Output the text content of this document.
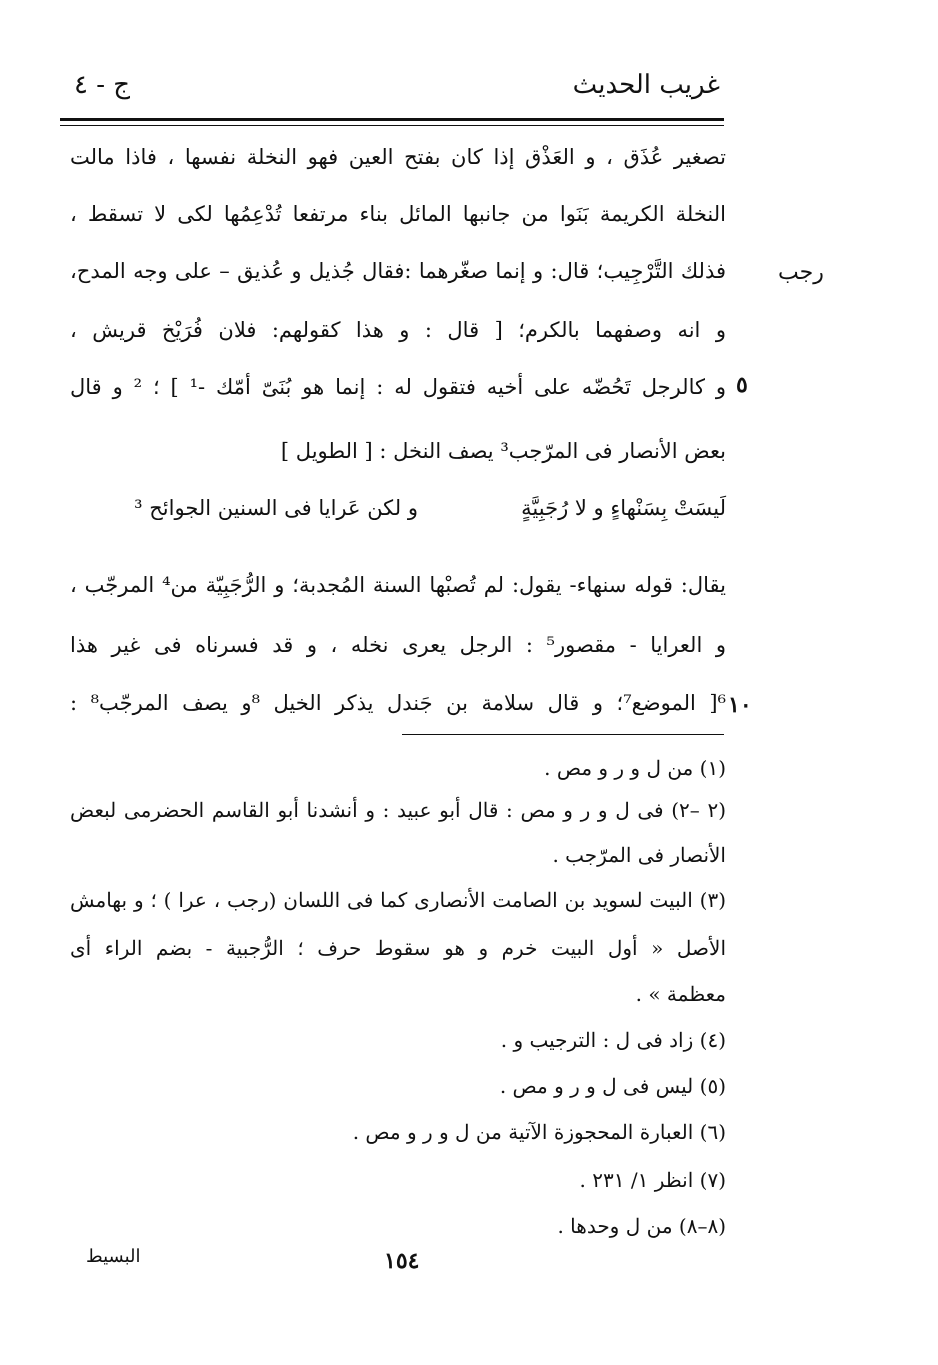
غريب الحديث
ج - ٤
رجب
٥
١٠
تصغير عُذَق ، و العَذْق إذا كان بفتح العين فهو النخلة نفسها ، فاذا مالت
النخلة الكريمة بَنَوا من جانبها المائل بناء مرتفعا تُدْعِمُها لكى لا تسقط ،
فذلك التَّرْجِيب؛ قال: و إنما صغّرهما :فقال جُذيل و عُذيق – على وجه المدح،
و انه وصفهما بالكرم؛ [ قال : و هذا كقولهم: فلان فُرَيْخ قريش ،
و كالرجل تَحُضّه على أخيه فتقول له : إنما هو بُنَىّ أمّك -¹ ] ؛ ² و قال
بعض الأنصار فى المرّجب³ يصف النخل : [ الطويل ]
لَيسَتْ بِسَنْهاءٍ و لا رُجَبِيَّةٍ
و لكن عَرايا فى السنين الجوائحِ ³
يقال: قوله سنهاء- يقول: لم تُصبْها السنة المُجدبة؛ و الرُّجَبِيّة من⁴ المرجّب ،
و العرايا - مقصور⁵ : الرجل يعرى نخله ، و قد فسرناه فى غير هذا
⁶[ الموضع⁷؛ و قال سلامة بن جَندل يذكر الخيل ⁸و يصف المرجّب⁸ :
(١) من ل و ر و مص .
(٢ –٢) فى ل و ر و مص : قال أبو عبيد : و أنشدنا أبو القاسم الحضرمى لبعض
الأنصار فى المرّجب .
(٣) البيت لسويد بن الصامت الأنصارى كما فى اللسان (رجب ، عرا ) ؛ و بهامش
الأصل « أول البيت خرم و هو سقوط حرف ؛ الرُّجبية - بضم الراء أى
معظمة » .
(٤) زاد فى ل : الترجيب و .
(٥) ليس فى ل و ر و مص .
(٦) العبارة المحجوزة الآتية من ل و ر و مص .
(٧) انظر ١/ ٢٣١ .
(٨–٨) من ل وحدها .
١٥٤
البسيط
